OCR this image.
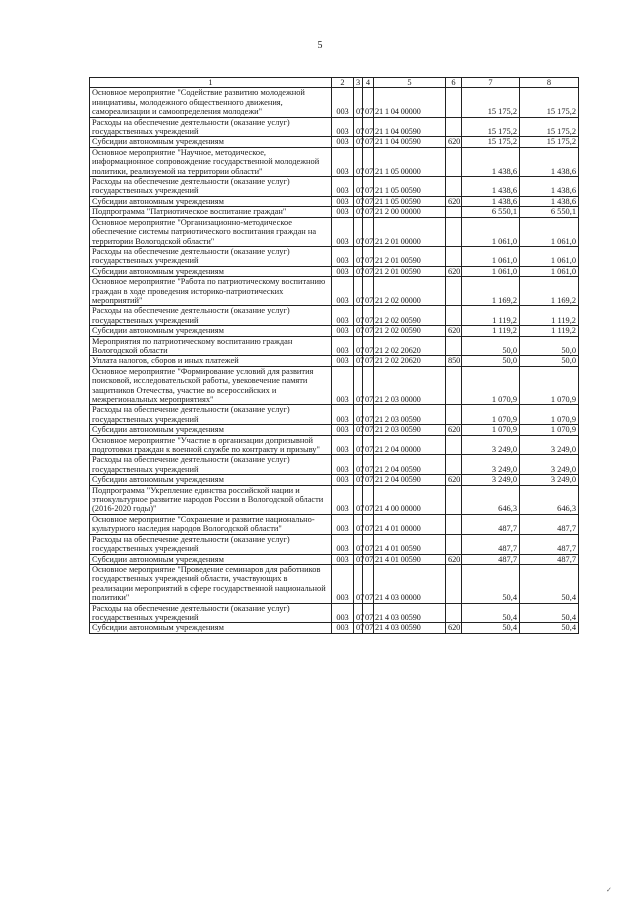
5
1	2	3	4	5	6	7	8
Основное мероприятие "Содействие развитию молодежной инициативы, молодежного общественного движения, самореализации и самоопределения молодежи"	003	07	07	21 1 04 00000		15 175,2	15 175,2
Расходы на обеспечение деятельности (оказание услуг) государственных учреждений	003	07	07	21 1 04 00590		15 175,2	15 175,2
Субсидии автономным учреждениям	003	07	07	21 1 04 00590	620	15 175,2	15 175,2
Основное мероприятие "Научное, методическое, информационное сопровождение государственной молодежной политики, реализуемой на территории области"	003	07	07	21 1 05 00000		1 438,6	1 438,6
Расходы на обеспечение деятельности (оказание услуг) государственных учреждений	003	07	07	21 1 05 00590		1 438,6	1 438,6
Субсидии автономным учреждениям	003	07	07	21 1 05 00590	620	1 438,6	1 438,6
Подпрограмма "Патриотическое воспитание граждан"	003	07	07	21 2 00 00000		6 550,1	6 550,1
Основное мероприятие "Организационно-методическое обеспечение системы патриотического воспитания граждан на территории Вологодской области"	003	07	07	21 2 01 00000		1 061,0	1 061,0
Расходы на обеспечение деятельности (оказание услуг) государственных учреждений	003	07	07	21 2 01 00590		1 061,0	1 061,0
Субсидии автономным учреждениям	003	07	07	21 2 01 00590	620	1 061,0	1 061,0
Основное мероприятие "Работа по патриотическому воспитанию граждан в ходе проведения историко-патриотических мероприятий"	003	07	07	21 2 02 00000		1 169,2	1 169,2
Расходы на обеспечение деятельности (оказание услуг) государственных учреждений	003	07	07	21 2 02 00590		1 119,2	1 119,2
Субсидии автономным учреждениям	003	07	07	21 2 02 00590	620	1 119,2	1 119,2
Мероприятия по патриотическому воспитанию граждан Вологодской области	003	07	07	21 2 02 20620		50,0	50,0
Уплата налогов, сборов и иных платежей	003	07	07	21 2 02 20620	850	50,0	50,0
Основное мероприятие "Формирование условий для развития поисковой, исследовательской работы, увековечение памяти защитников Отечества, участие во всероссийских и межрегиональных мероприятиях"	003	07	07	21 2 03 00000		1 070,9	1 070,9
Расходы на обеспечение деятельности (оказание услуг) государственных учреждений	003	07	07	21 2 03 00590		1 070,9	1 070,9
Субсидии автономным учреждениям	003	07	07	21 2 03 00590	620	1 070,9	1 070,9
Основное мероприятие "Участие в организации допризывной подготовки граждан к военной службе по контракту и призыву"	003	07	07	21 2 04 00000		3 249,0	3 249,0
Расходы на обеспечение деятельности (оказание услуг) государственных учреждений	003	07	07	21 2 04 00590		3 249,0	3 249,0
Субсидии автономным учреждениям	003	07	07	21 2 04 00590	620	3 249,0	3 249,0
Подпрограмма "Укрепление единства российской нации и этнокультурное развитие народов России в Вологодской области (2016-2020 годы)"	003	07	07	21 4 00 00000		646,3	646,3
Основное мероприятие "Сохранение и развитие национально-культурного наследия народов Вологодской области"	003	07	07	21 4 01 00000		487,7	487,7
Расходы на обеспечение деятельности (оказание услуг) государственных учреждений	003	07	07	21 4 01 00590		487,7	487,7
Субсидии автономным учреждениям	003	07	07	21 4 01 00590	620	487,7	487,7
Основное мероприятие "Проведение семинаров для работников государственных учреждений области, участвующих в реализации мероприятий в сфере государственной национальной политики"	003	07	07	21 4 03 00000		50,4	50,4
Расходы на обеспечение деятельности (оказание услуг) государственных учреждений	003	07	07	21 4 03 00590		50,4	50,4
Субсидии автономным учреждениям	003	07	07	21 4 03 00590	620	50,4	50,4
✓
